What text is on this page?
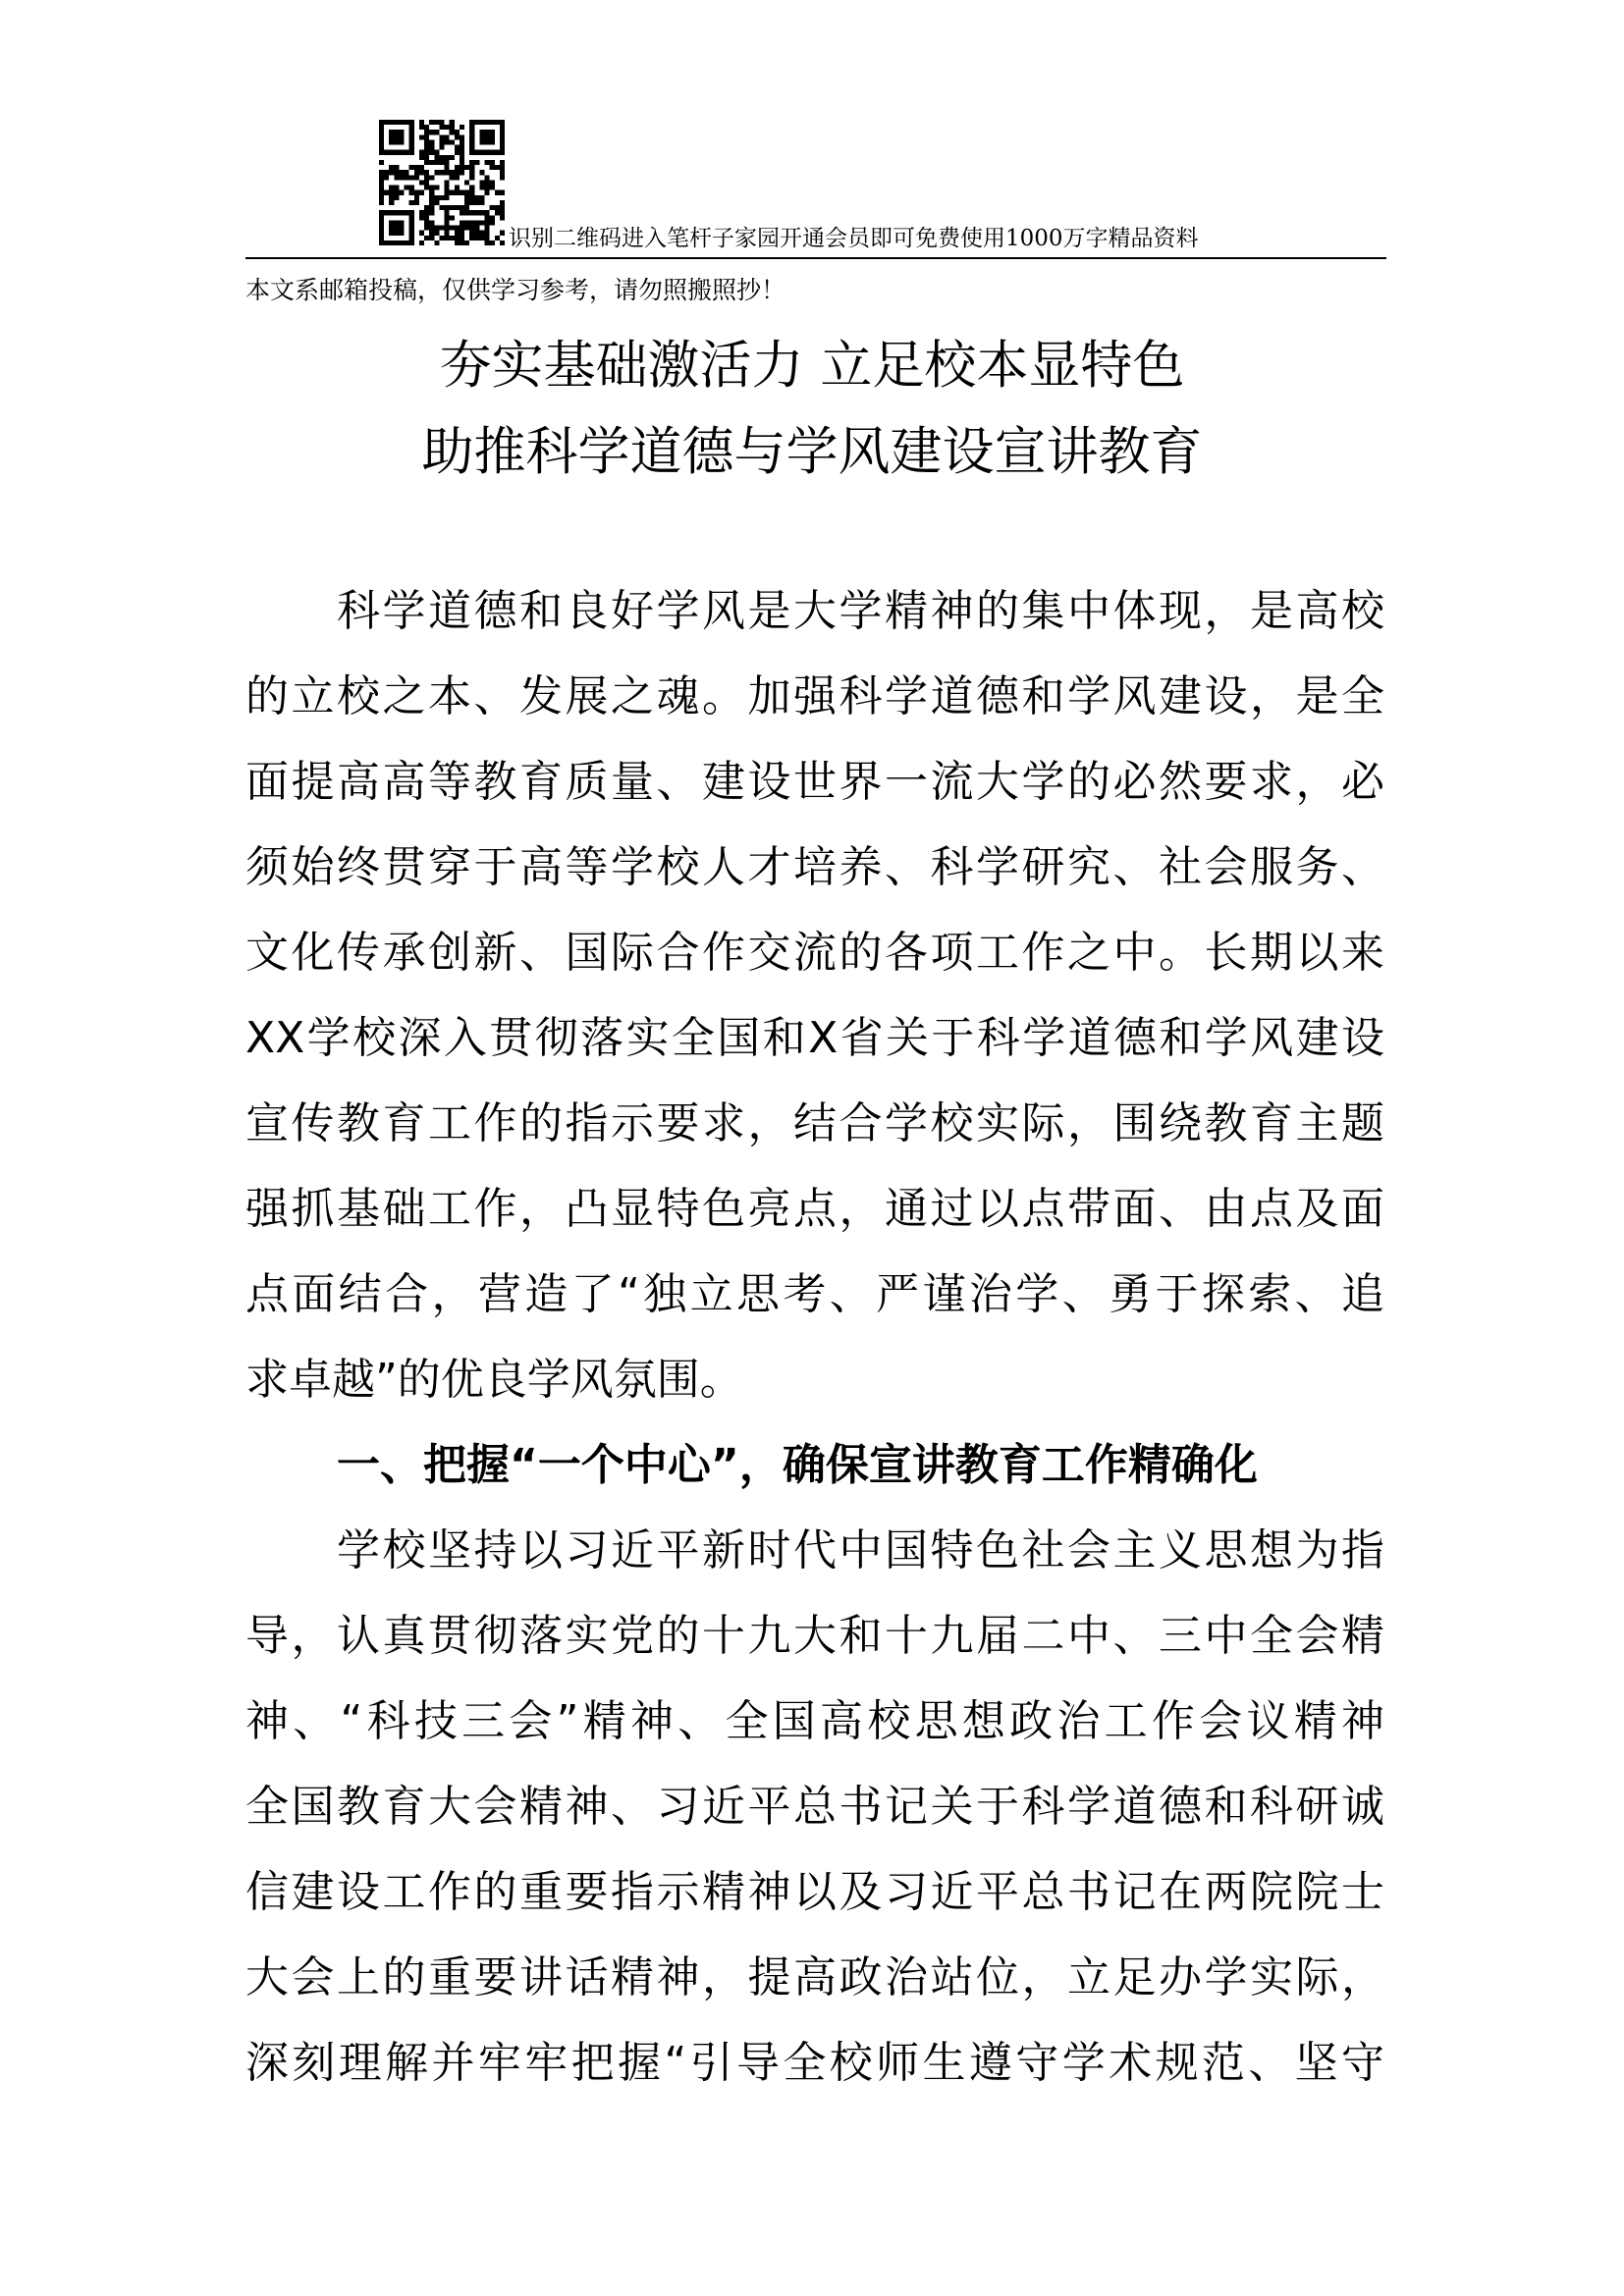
识别二维码进入笔杆子家园开通会员即可免费使用1000万字精品资料
本文系邮箱投稿，仅供学习参考，请勿照搬照抄！
夯实基础激活力 立足校本显特色
助推科学道德与学风建设宣讲教育
科学道德和良好学风是大学精神的集中体现，是高校
的立校之本、发展之魂。加强科学道德和学风建设，是全
面提高高等教育质量、建设世界一流大学的必然要求，必
须始终贯穿于高等学校人才培养、科学研究、社会服务、
文化传承创新、国际合作交流的各项工作之中。长期以来
XX学校深入贯彻落实全国和X省关于科学道德和学风建设
宣传教育工作的指示要求，结合学校实际，围绕教育主题
强抓基础工作，凸显特色亮点，通过以点带面、由点及面
点面结合，营造了“独立思考、严谨治学、勇于探索、追
求卓越”的优良学风氛围。
一、把握“一个中心”，确保宣讲教育工作精确化
学校坚持以习近平新时代中国特色社会主义思想为指
导，认真贯彻落实党的十九大和十九届二中、三中全会精
神、“科技三会”精神、全国高校思想政治工作会议精神
全国教育大会精神、习近平总书记关于科学道德和科研诚
信建设工作的重要指示精神以及习近平总书记在两院院士
大会上的重要讲话精神，提高政治站位，立足办学实际，
深刻理解并牢牢把握“引导全校师生遵守学术规范、坚守
